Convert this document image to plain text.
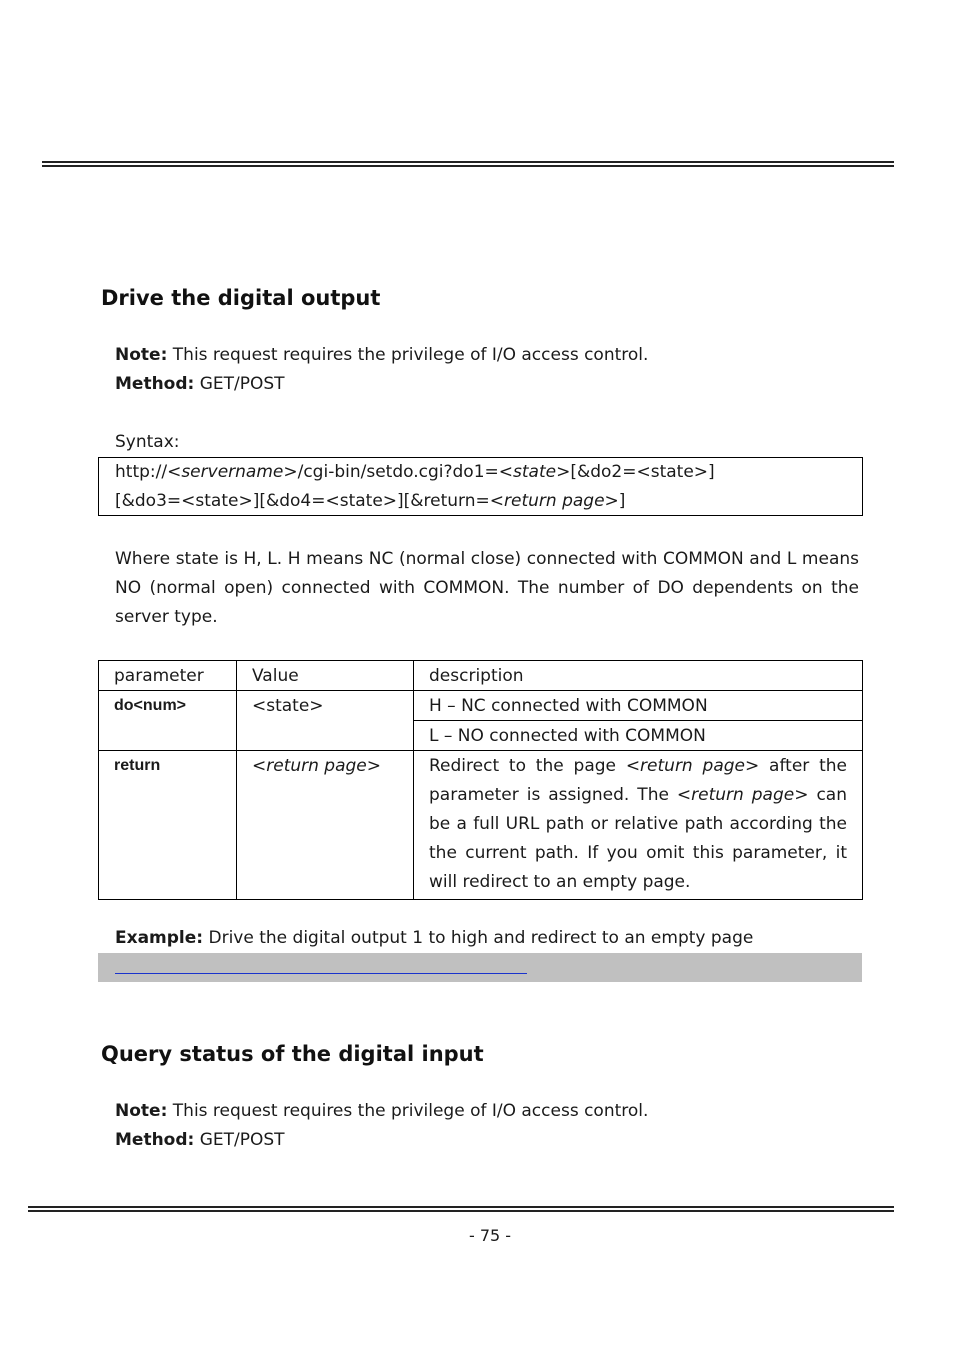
Drive the digital output
Note: This request requires the privilege of I/O access control.
Method: GET/POST
Syntax:
http://<servername>/cgi-bin/setdo.cgi?do1=<state>[&do2=<state>]
[&do3=<state>][&do4=<state>][&return=<return page>]
Where state is H, L. H means NC (normal close) connected with COMMON and L means NO (normal open) connected with COMMON. The number of DO dependents on the server type.
parameter	Value	description
do<num>	<state>	H – NC connected with COMMON
		L – NO connected with COMMON
return	<return page>	Redirect to the page <return page> after the parameter is assigned. The <return page> can be a full URL path or relative path according the the current path. If you omit this parameter, it will redirect to an empty page.
Example: Drive the digital output 1 to high and redirect to an empty page
Query status of the digital input
Note: This request requires the privilege of I/O access control.
Method: GET/POST
- 75 -
